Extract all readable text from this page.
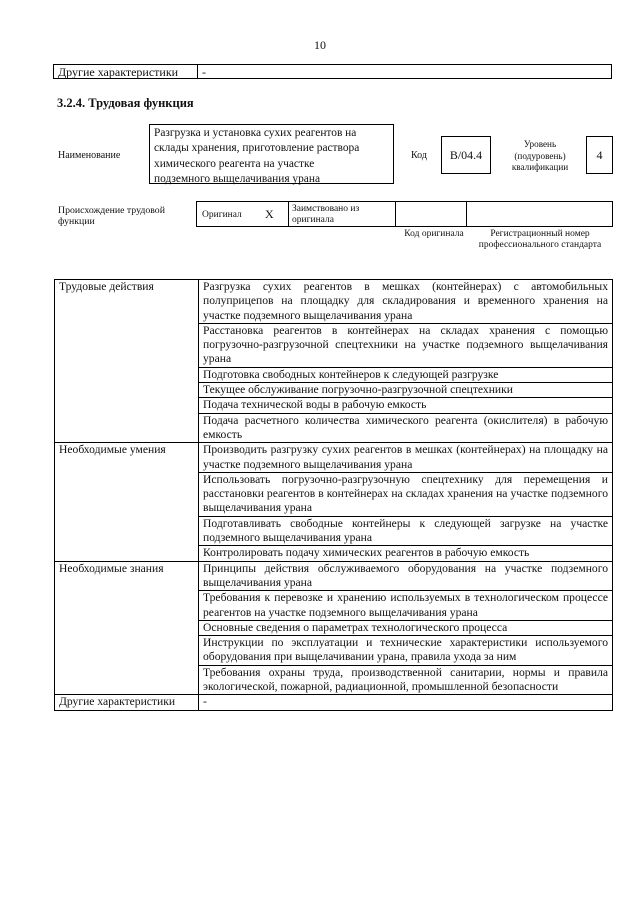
10
Другие характеристики	-
3.2.4. Трудовая функция
Наименование
Разгрузка и установка сухих реагентов на
склады хранения, приготовление раствора
химического реагента на участке
подземного выщелачивания урана
Код	B/04.4
Уровень
(подуровень)
квалификации
4
Происхождение трудовой функции
Оригинал X Заимствовано из оригинала
Код оригинала	Регистрационный номер профессионального стандарта
Трудовые действия	Разгрузка сухих реагентов в мешках (контейнерах) с автомобильных полуприцепов на площадку для складирования и временного хранения на участке подземного выщелачивания урана
	Расстановка реагентов в контейнерах на складах хранения с помощью погрузочно-разгрузочной спецтехники на участке подземного выщелачивания урана
	Подготовка свободных контейнеров к следующей разгрузке
	Текущее обслуживание погрузочно-разгрузочной спецтехники
	Подача технической воды в рабочую емкость
	Подача расчетного количества химического реагента (окислителя) в рабочую емкость
Необходимые умения	Производить разгрузку сухих реагентов в мешках (контейнерах) на площадку на участке подземного выщелачивания урана
	Использовать погрузочно-разгрузочную спецтехнику для перемещения и расстановки реагентов в контейнерах на складах хранения на участке подземного выщелачивания урана
	Подготавливать свободные контейнеры к следующей загрузке на участке подземного выщелачивания урана
	Контролировать подачу химических реагентов в рабочую емкость
Необходимые знания	Принципы действия обслуживаемого оборудования на участке подземного выщелачивания урана
	Требования к перевозке и хранению используемых в технологическом процессе реагентов на участке подземного выщелачивания урана
	Основные сведения о параметрах технологического процесса
	Инструкции по эксплуатации и технические характеристики используемого оборудования при выщелачивании урана, правила ухода за ним
	Требования охраны труда, производственной санитарии, нормы и правила экологической, пожарной, радиационной, промышленной безопасности
Другие характеристики	-
